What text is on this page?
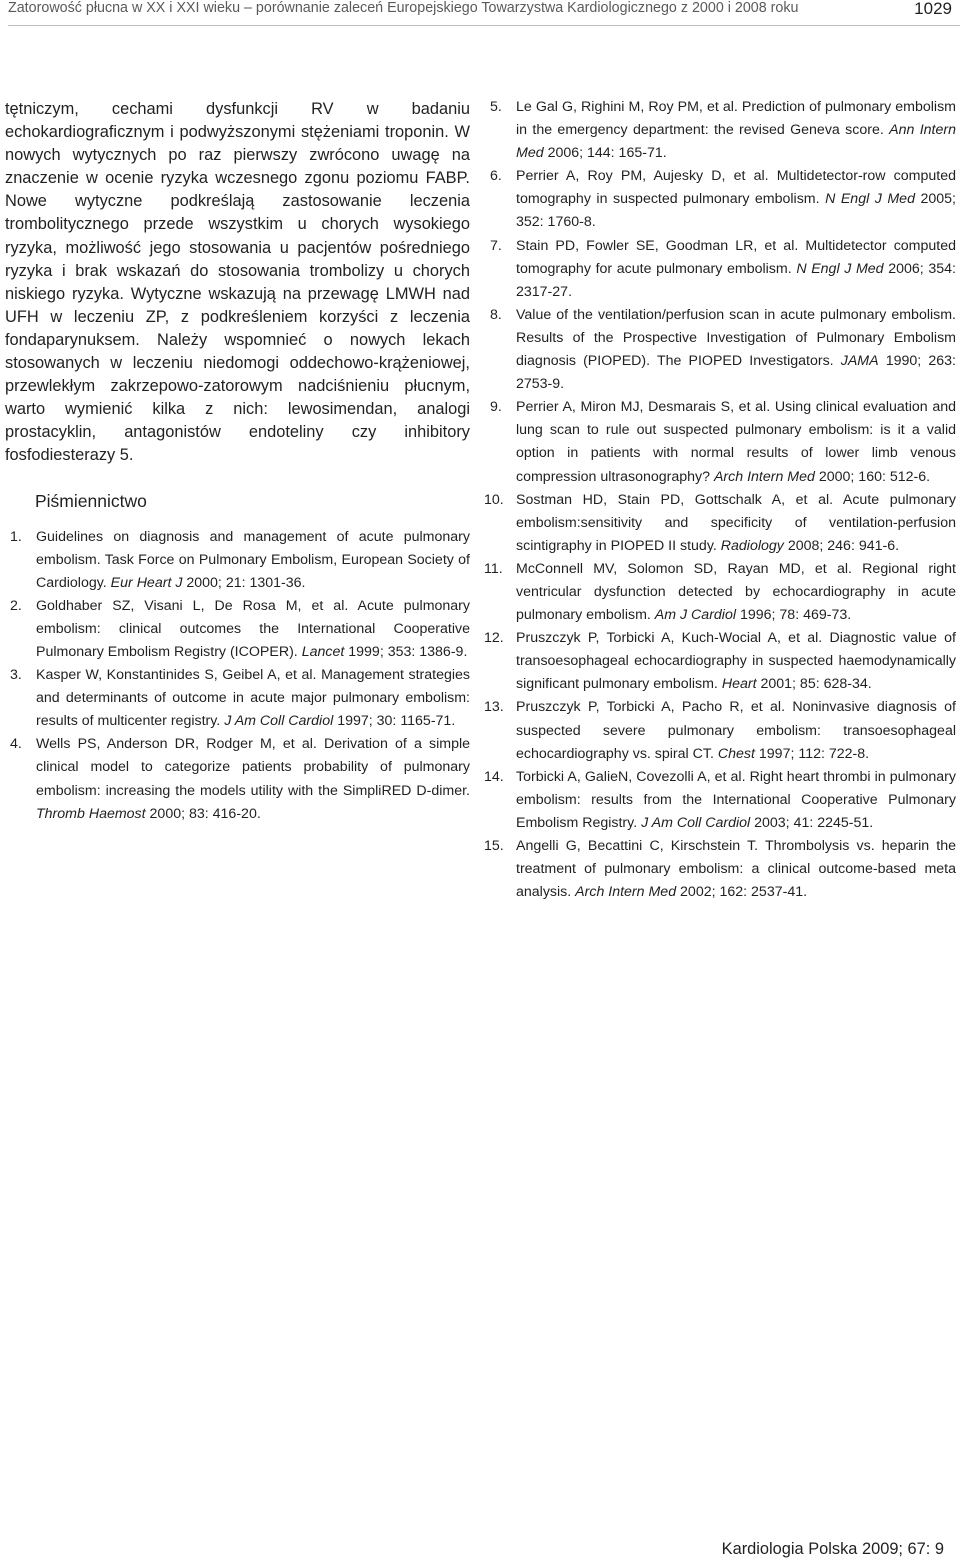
Zatorowość płucna w XX i XXI wieku – porównanie zaleceń Europejskiego Towarzystwa Kardiologicznego z 2000 i 2008 roku	1029

tętniczym, cechami dysfunkcji RV w badaniu echokardiograficznym i podwyższonymi stężeniami troponin. W nowych wytycznych po raz pierwszy zwrócono uwagę na znaczenie w ocenie ryzyka wczesnego zgonu poziomu FABP. Nowe wytyczne podkreślają zastosowanie leczenia trombolitycznego przede wszystkim u chorych wysokiego ryzyka, możliwość jego stosowania u pacjentów pośredniego ryzyka i brak wskazań do stosowania trombolizy u chorych niskiego ryzyka. Wytyczne wskazują na przewagę LMWH nad UFH w leczeniu ZP, z podkreśleniem korzyści z leczenia fondaparynuksem. Należy wspomnieć o nowych lekach stosowanych w leczeniu niedomogi oddechowo-krążeniowej, przewlekłym zakrzepowo-zatorowym nadciśnieniu płucnym, warto wymienić kilka z nich: lewosimendan, analogi prostacyklin, antagonistów endoteliny czy inhibitory fosfodiesterazy 5.

Piśmiennictwo
1. Guidelines on diagnosis and management of acute pulmonary embolism. Task Force on Pulmonary Embolism, European Society of Cardiology. Eur Heart J 2000; 21: 1301-36.
2. Goldhaber SZ, Visani L, De Rosa M, et al. Acute pulmonary embolism: clinical outcomes the International Cooperative Pulmonary Embolism Registry (ICOPER). Lancet 1999; 353: 1386-9.
3. Kasper W, Konstantinides S, Geibel A, et al. Management strategies and determinants of outcome in acute major pulmonary embolism: results of multicenter registry. J Am Coll Cardiol 1997; 30: 1165-71.
4. Wells PS, Anderson DR, Rodger M, et al. Derivation of a simple clinical model to categorize patients probability of pulmonary embolism: increasing the models utility with the SimpliRED D-dimer. Thromb Haemost 2000; 83: 416-20.
5. Le Gal G, Righini M, Roy PM, et al. Prediction of pulmonary embolism in the emergency department: the revised Geneva score. Ann Intern Med 2006; 144: 165-71.
6. Perrier A, Roy PM, Aujesky D, et al. Multidetector-row computed tomography in suspected pulmonary embolism. N Engl J Med 2005; 352: 1760-8.
7. Stain PD, Fowler SE, Goodman LR, et al. Multidetector computed tomography for acute pulmonary embolism. N Engl J Med 2006; 354: 2317-27.
8. Value of the ventilation/perfusion scan in acute pulmonary embolism. Results of the Prospective Investigation of Pulmonary Embolism diagnosis (PIOPED). The PIOPED Investigators. JAMA 1990; 263: 2753-9.
9. Perrier A, Miron MJ, Desmarais S, et al. Using clinical evaluation and lung scan to rule out suspected pulmonary embolism: is it a valid option in patients with normal results of lower limb venous compression ultrasonography? Arch Intern Med 2000; 160: 512-6.
10. Sostman HD, Stain PD, Gottschalk A, et al. Acute pulmonary embolism:sensitivity and specificity of ventilation-perfusion scintigraphy in PIOPED II study. Radiology 2008; 246: 941-6.
11. McConnell MV, Solomon SD, Rayan MD, et al. Regional right ventricular dysfunction detected by echocardiography in acute pulmonary embolism. Am J Cardiol 1996; 78: 469-73.
12. Pruszczyk P, Torbicki A, Kuch-Wocial A, et al. Diagnostic value of transoesophageal echocardiography in suspected haemodynamically significant pulmonary embolism. Heart 2001; 85: 628-34.
13. Pruszczyk P, Torbicki A, Pacho R, et al. Noninvasive diagnosis of suspected severe pulmonary embolism: transoesophageal echocardiography vs. spiral CT. Chest 1997; 112: 722-8.
14. Torbicki A, GalieN, Covezolli A, et al. Right heart thrombi in pulmonary embolism: results from the International Cooperative Pulmonary Embolism Registry. J Am Coll Cardiol 2003; 41: 2245-51.
15. Angelli G, Becattini C, Kirschstein T. Thrombolysis vs. heparin the treatment of pulmonary embolism: a clinical outcome-based meta analysis. Arch Intern Med 2002; 162: 2537-41.
Kardiologia Polska 2009; 67: 9
